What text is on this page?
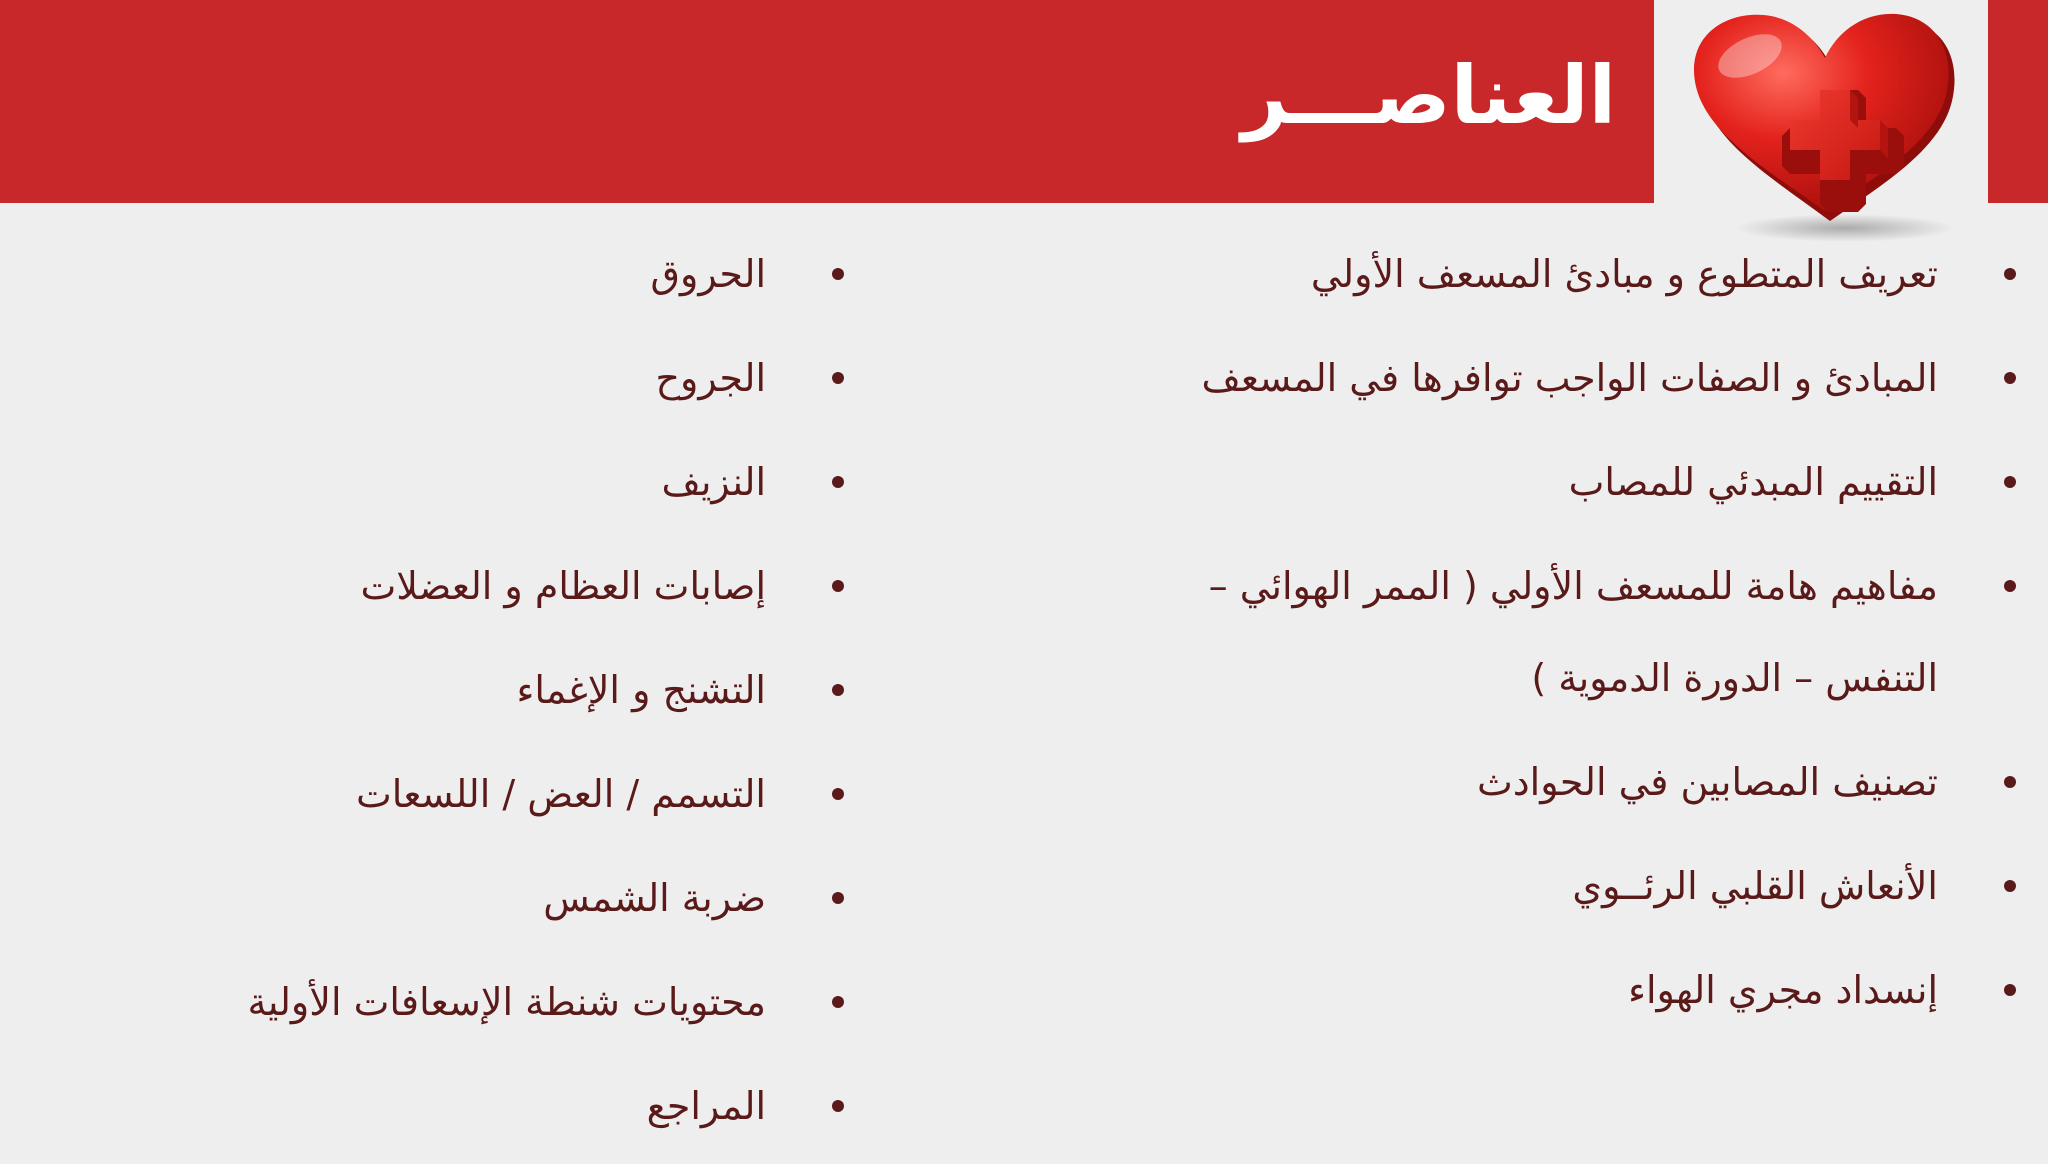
العناصـــر
تعريف المتطوع و مبادئ المسعف الأولي
المبادئ و الصفات الواجب توافرها في المسعف
التقييم المبدئي للمصاب
مفاهيم هامة للمسعف الأولي ( الممر الهوائي –
التنفس – الدورة الدموية )
تصنيف المصابين في الحوادث
الأنعاش القلبي الرئــوي
إنسداد مجري الهواء
الحروق
الجروح
النزيف
إصابات العظام و العضلات
التشنج و الإغماء
التسمم / العض / اللسعات
ضربة الشمس
محتويات شنطة الإسعافات الأولية
المراجع
